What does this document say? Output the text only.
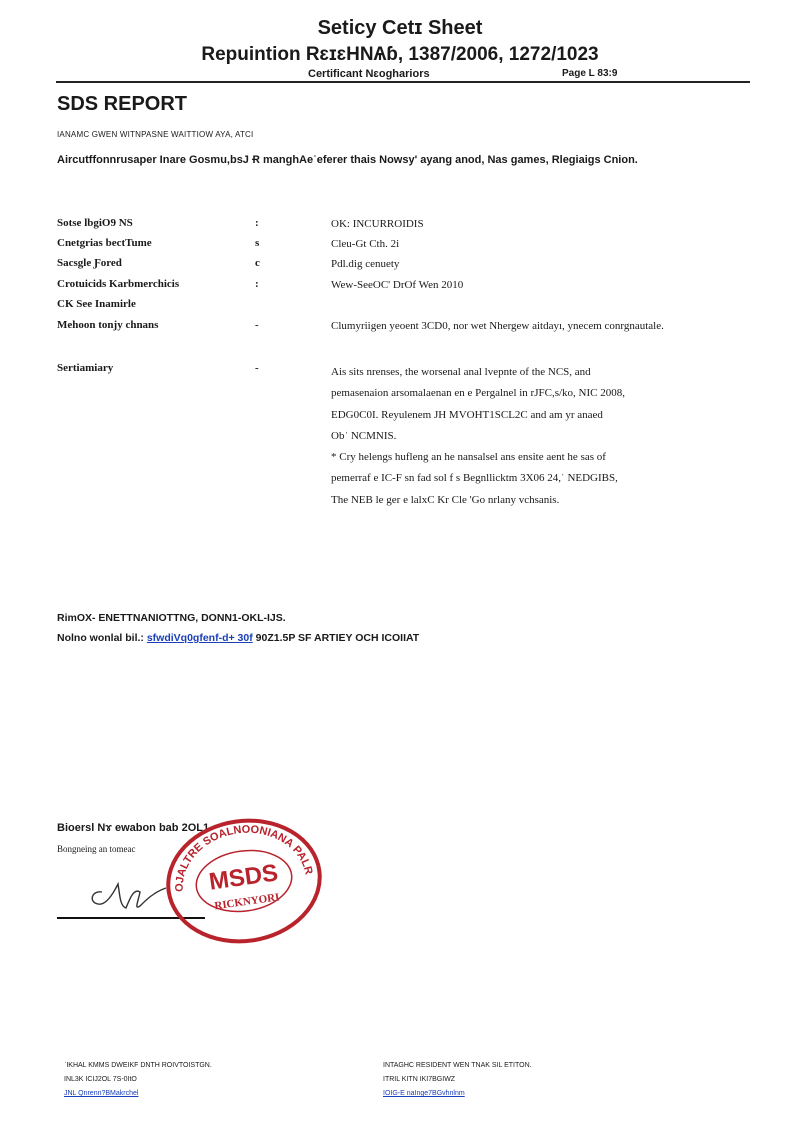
Seticy Cetɪ Sheet
Repuintion RɛɪɛHNѦɓ, 1387/2006, 1272/1023
Certificant Nɛoghariors	Page L 83:9
SDS REPORT
IANAMC GWEN WITNPASNE WAITTIOW AYA, ATCI
Aircutffonnrusaper Inare Gosmu,bsJ Ɍ manghAeˈeferer thais Nowsy' ayang anod, Nas games, Rlegiaigs Cnion.
Sotse lbgiO9 NS	:	OK: INCURROIDIS
Cnetgrias bectTume	s	Cleu-Gt Cth. 2i
Sacsgle Ƒored	c	Pdl.dig cenuety
Crotuicids Karbmerchicis	:	Wew-SeeOC' DrOf Wen 2010
CK See Inamirle
Mehoon tonjy chnans	-	Clumyriigen yeoent 3CD0, nor wet Nhergew aitdayı, ynecem conrgnautale.
Sertiamiary	-	Ais sits nrenses, the worsenal anal lvepnte of the NCS, and
pemasenaion arsomalaenan en e Pergalnel in rJFC,s/ko, NIC 2008,
EDG0C0I. Reyulenem JH MVOHT1SCL2C and am yr anaed
Obˈ NCMNIS.
* Cry helengs hufleng an he nansalsel ans ensite aent he sas of
pemerraf e IC-F sn fad sol f s Begnllicktm 3X06 24,ˈ NEDGIBS,
The NEB le ger e lalxC Kr Cle 'Go nrlany vchsanis.
RimOX- ENETTNANIOTTNG, DONN1-OKL-IJS.
Nolno wonlal bil.: sfwdiVq0gfenf-d+ 30f 90Z1.5P SF ARTIEY OCH ICOIIAT
Bioersl Nɤ ewabon bab 2OL1
Bongneing an tomeac
ROJALTRE SOALNOONIANA PALRE
MSDS
RICKNYORI
ˈIKHAL KMMS DWEIKF DNTH ROIVTOISTGN.
INL3K ICIJ2OL 7S-0ItO
JNL Qnrenn?BMakrchel
INTAGHC RESIDENT WEN TNAK SIL ETITON.
ITRIL KITN IKI7BGIWZ
IOIG-E naInge7BGvhnlnm
